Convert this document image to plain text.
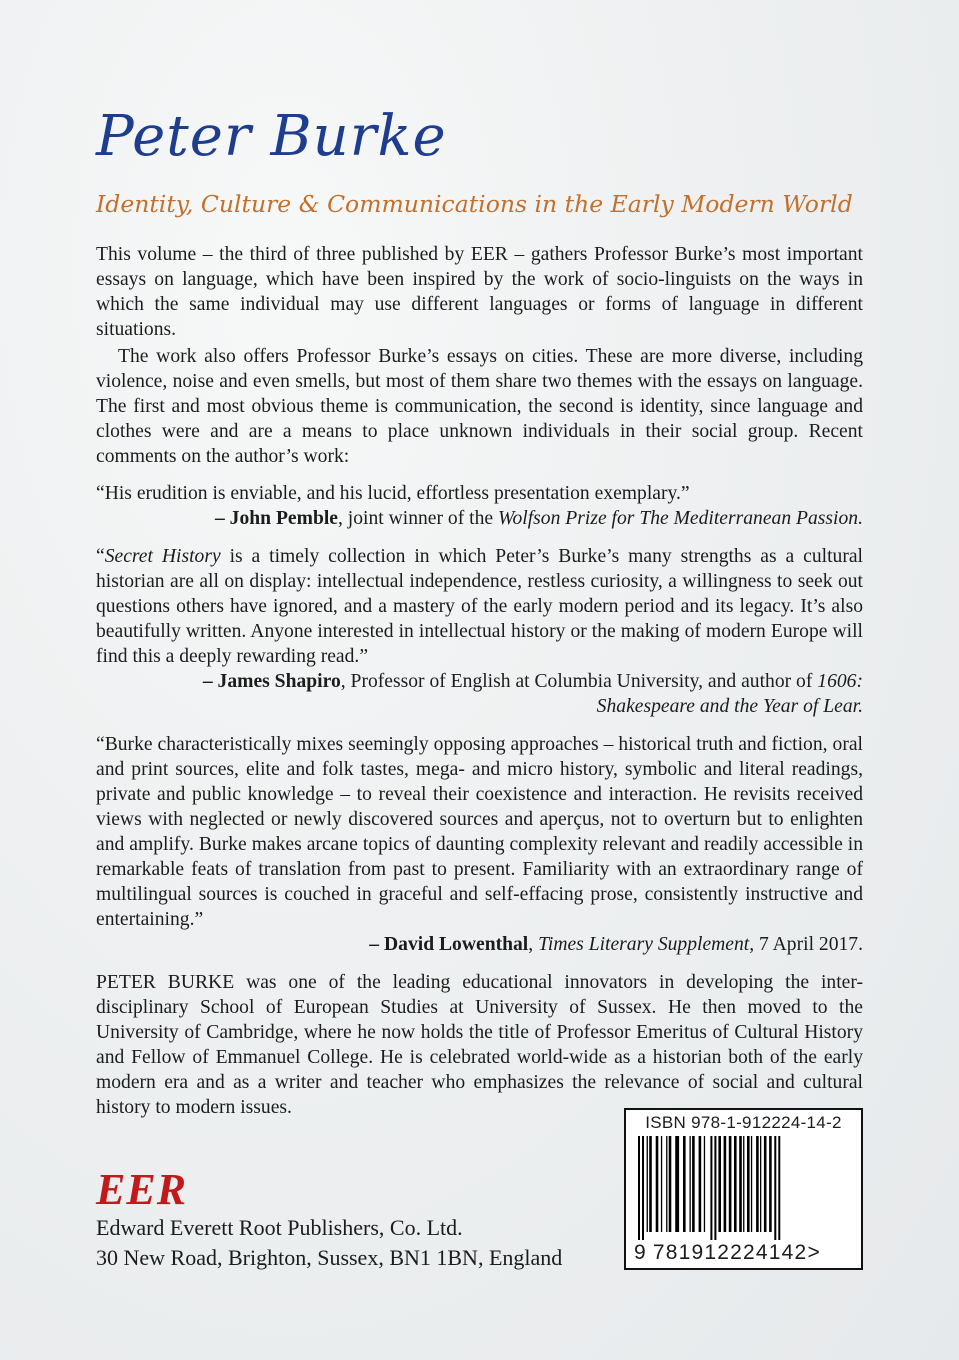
Peter Burke
Identity, Culture & Communications in the Early Modern World

This volume – the third of three published by EER – gathers Professor Burke’s most important essays on language, which have been inspired by the work of socio-linguists on the ways in which the same individual may use different languages or forms of language in different situations.

The work also offers Professor Burke’s essays on cities. These are more diverse, including violence, noise and even smells, but most of them share two themes with the essays on language. The first and most obvious theme is communication, the second is identity, since language and clothes were and are a means to place unknown individuals in their social group. Recent comments on the author’s work:

“His erudition is enviable, and his lucid, effortless presentation exemplary.”
– John Pemble, joint winner of the Wolfson Prize for The Mediterranean Passion.
“Secret History is a timely collection in which Peter’s Burke’s many strengths as a cultural historian are all on display: intellectual independence, restless curiosity, a willingness to seek out questions others have ignored, and a mastery of the early modern period and its legacy. It’s also beautifully written. Anyone interested in intellectual history or the making of modern Europe will find this a deeply rewarding read.”
– James Shapiro, Professor of English at Columbia University, and author of 1606:
Shakespeare and the Year of Lear.
“Burke characteristically mixes seemingly opposing approaches – historical truth and fiction, oral and print sources, elite and folk tastes, mega- and micro history, symbolic and literal readings, private and public knowledge – to reveal their coexistence and interaction. He revisits received views with neglected or newly discovered sources and aperçus, not to overturn but to enlighten and amplify. Burke makes arcane topics of daunting complexity relevant and readily accessible in remarkable feats of translation from past to present. Familiarity with an extraordinary range of multilingual sources is couched in graceful and self-effacing prose, consistently instructive and entertaining.”
– David Lowenthal, Times Literary Supplement, 7 April 2017.

PETER BURKE was one of the leading educational innovators in developing the inter-disciplinary School of European Studies at University of Sussex. He then moved to the University of Cambridge, where he now holds the title of Professor Emeritus of Cultural History and Fellow of Emmanuel College. He is celebrated world-wide as a historian both of the early modern era and as a writer and teacher who emphasizes the relevance of social and cultural history to modern issues.

EER
Edward Everett Root Publishers, Co. Ltd.
30 New Road, Brighton, Sussex, BN1 1BN, England
ISBN 978-1-912224-14-2
9 781912224142>
